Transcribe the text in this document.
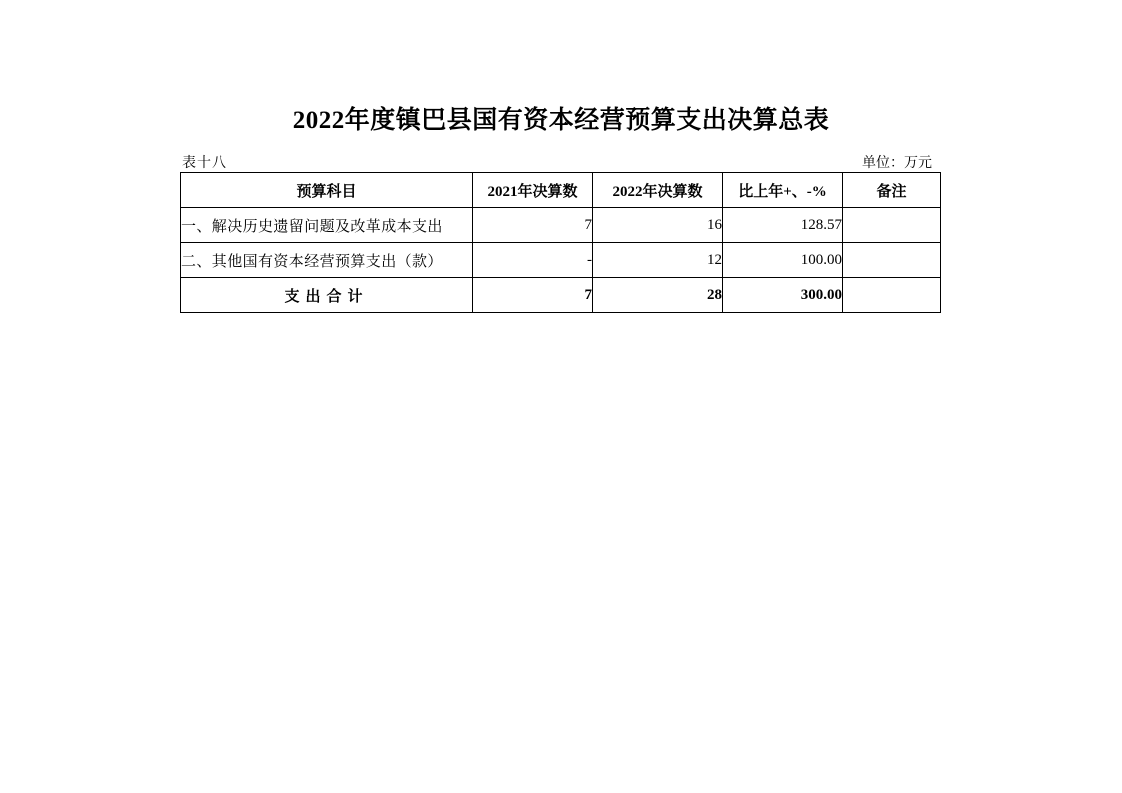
2022年度镇巴县国有资本经营预算支出决算总表
表十八	单位：万元
预算科目	2021年决算数	2022年决算数	比上年+、-%	备注
一、解决历史遗留问题及改革成本支出	7	16	128.57	
二、其他国有资本经营预算支出（款）	-	12	100.00	
支出合计	7	28	300.00	
